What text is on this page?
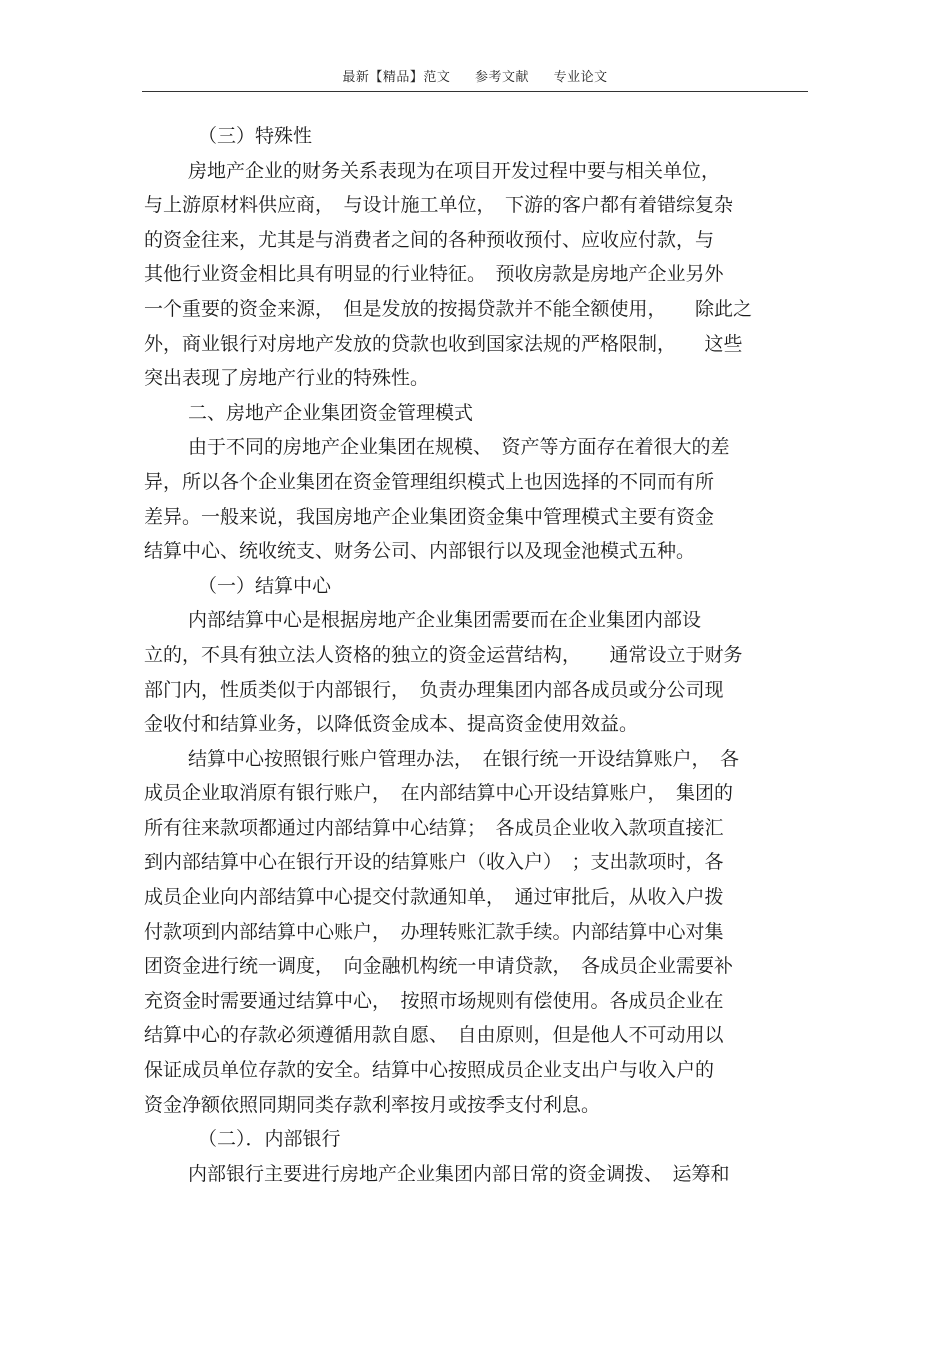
最新【精品】范文 参考文献 专业论文
（三）特殊性
房地产企业的财务关系表现为在项目开发过程中要与相关单位，
与上游原材料供应商，　与设计施工单位，　下游的客户都有着错综复杂
的资金往来，尤其是与消费者之间的各种预收预付、应收应付款，与
其他行业资金相比具有明显的行业特征。　预收房款是房地产企业另外
一个重要的资金来源，　但是发放的按揭贷款并不能全额使用，　　除此之
外，商业银行对房地产发放的贷款也收到国家法规的严格限制，　　这些
突出表现了房地产行业的特殊性。
二、房地产企业集团资金管理模式
由于不同的房地产企业集团在规模、　资产等方面存在着很大的差
异，所以各个企业集团在资金管理组织模式上也因选择的不同而有所
差异。一般来说，我国房地产企业集团资金集中管理模式主要有资金
结算中心、统收统支、财务公司、内部银行以及现金池模式五种。
（一）结算中心
内部结算中心是根据房地产企业集团需要而在企业集团内部设
立的，不具有独立法人资格的独立的资金运营结构，　　通常设立于财务
部门内，性质类似于内部银行，　负责办理集团内部各成员或分公司现
金收付和结算业务，以降低资金成本、提高资金使用效益。
结算中心按照银行账户管理办法，　在银行统一开设结算账户，　各
成员企业取消原有银行账户，　在内部结算中心开设结算账户，　集团的
所有往来款项都通过内部结算中心结算；　各成员企业收入款项直接汇
到内部结算中心在银行开设的结算账户（收入户）　；支出款项时，各
成员企业向内部结算中心提交付款通知单，　通过审批后，从收入户拨
付款项到内部结算中心账户，　办理转账汇款手续。内部结算中心对集
团资金进行统一调度，　向金融机构统一申请贷款，　各成员企业需要补
充资金时需要通过结算中心，　按照市场规则有偿使用。各成员企业在
结算中心的存款必须遵循用款自愿、　自由原则，但是他人不可动用以
保证成员单位存款的安全。结算中心按照成员企业支出户与收入户的
资金净额依照同期同类存款利率按月或按季支付利息。
（二）．内部银行
内部银行主要进行房地产企业集团内部日常的资金调拨、　运筹和
